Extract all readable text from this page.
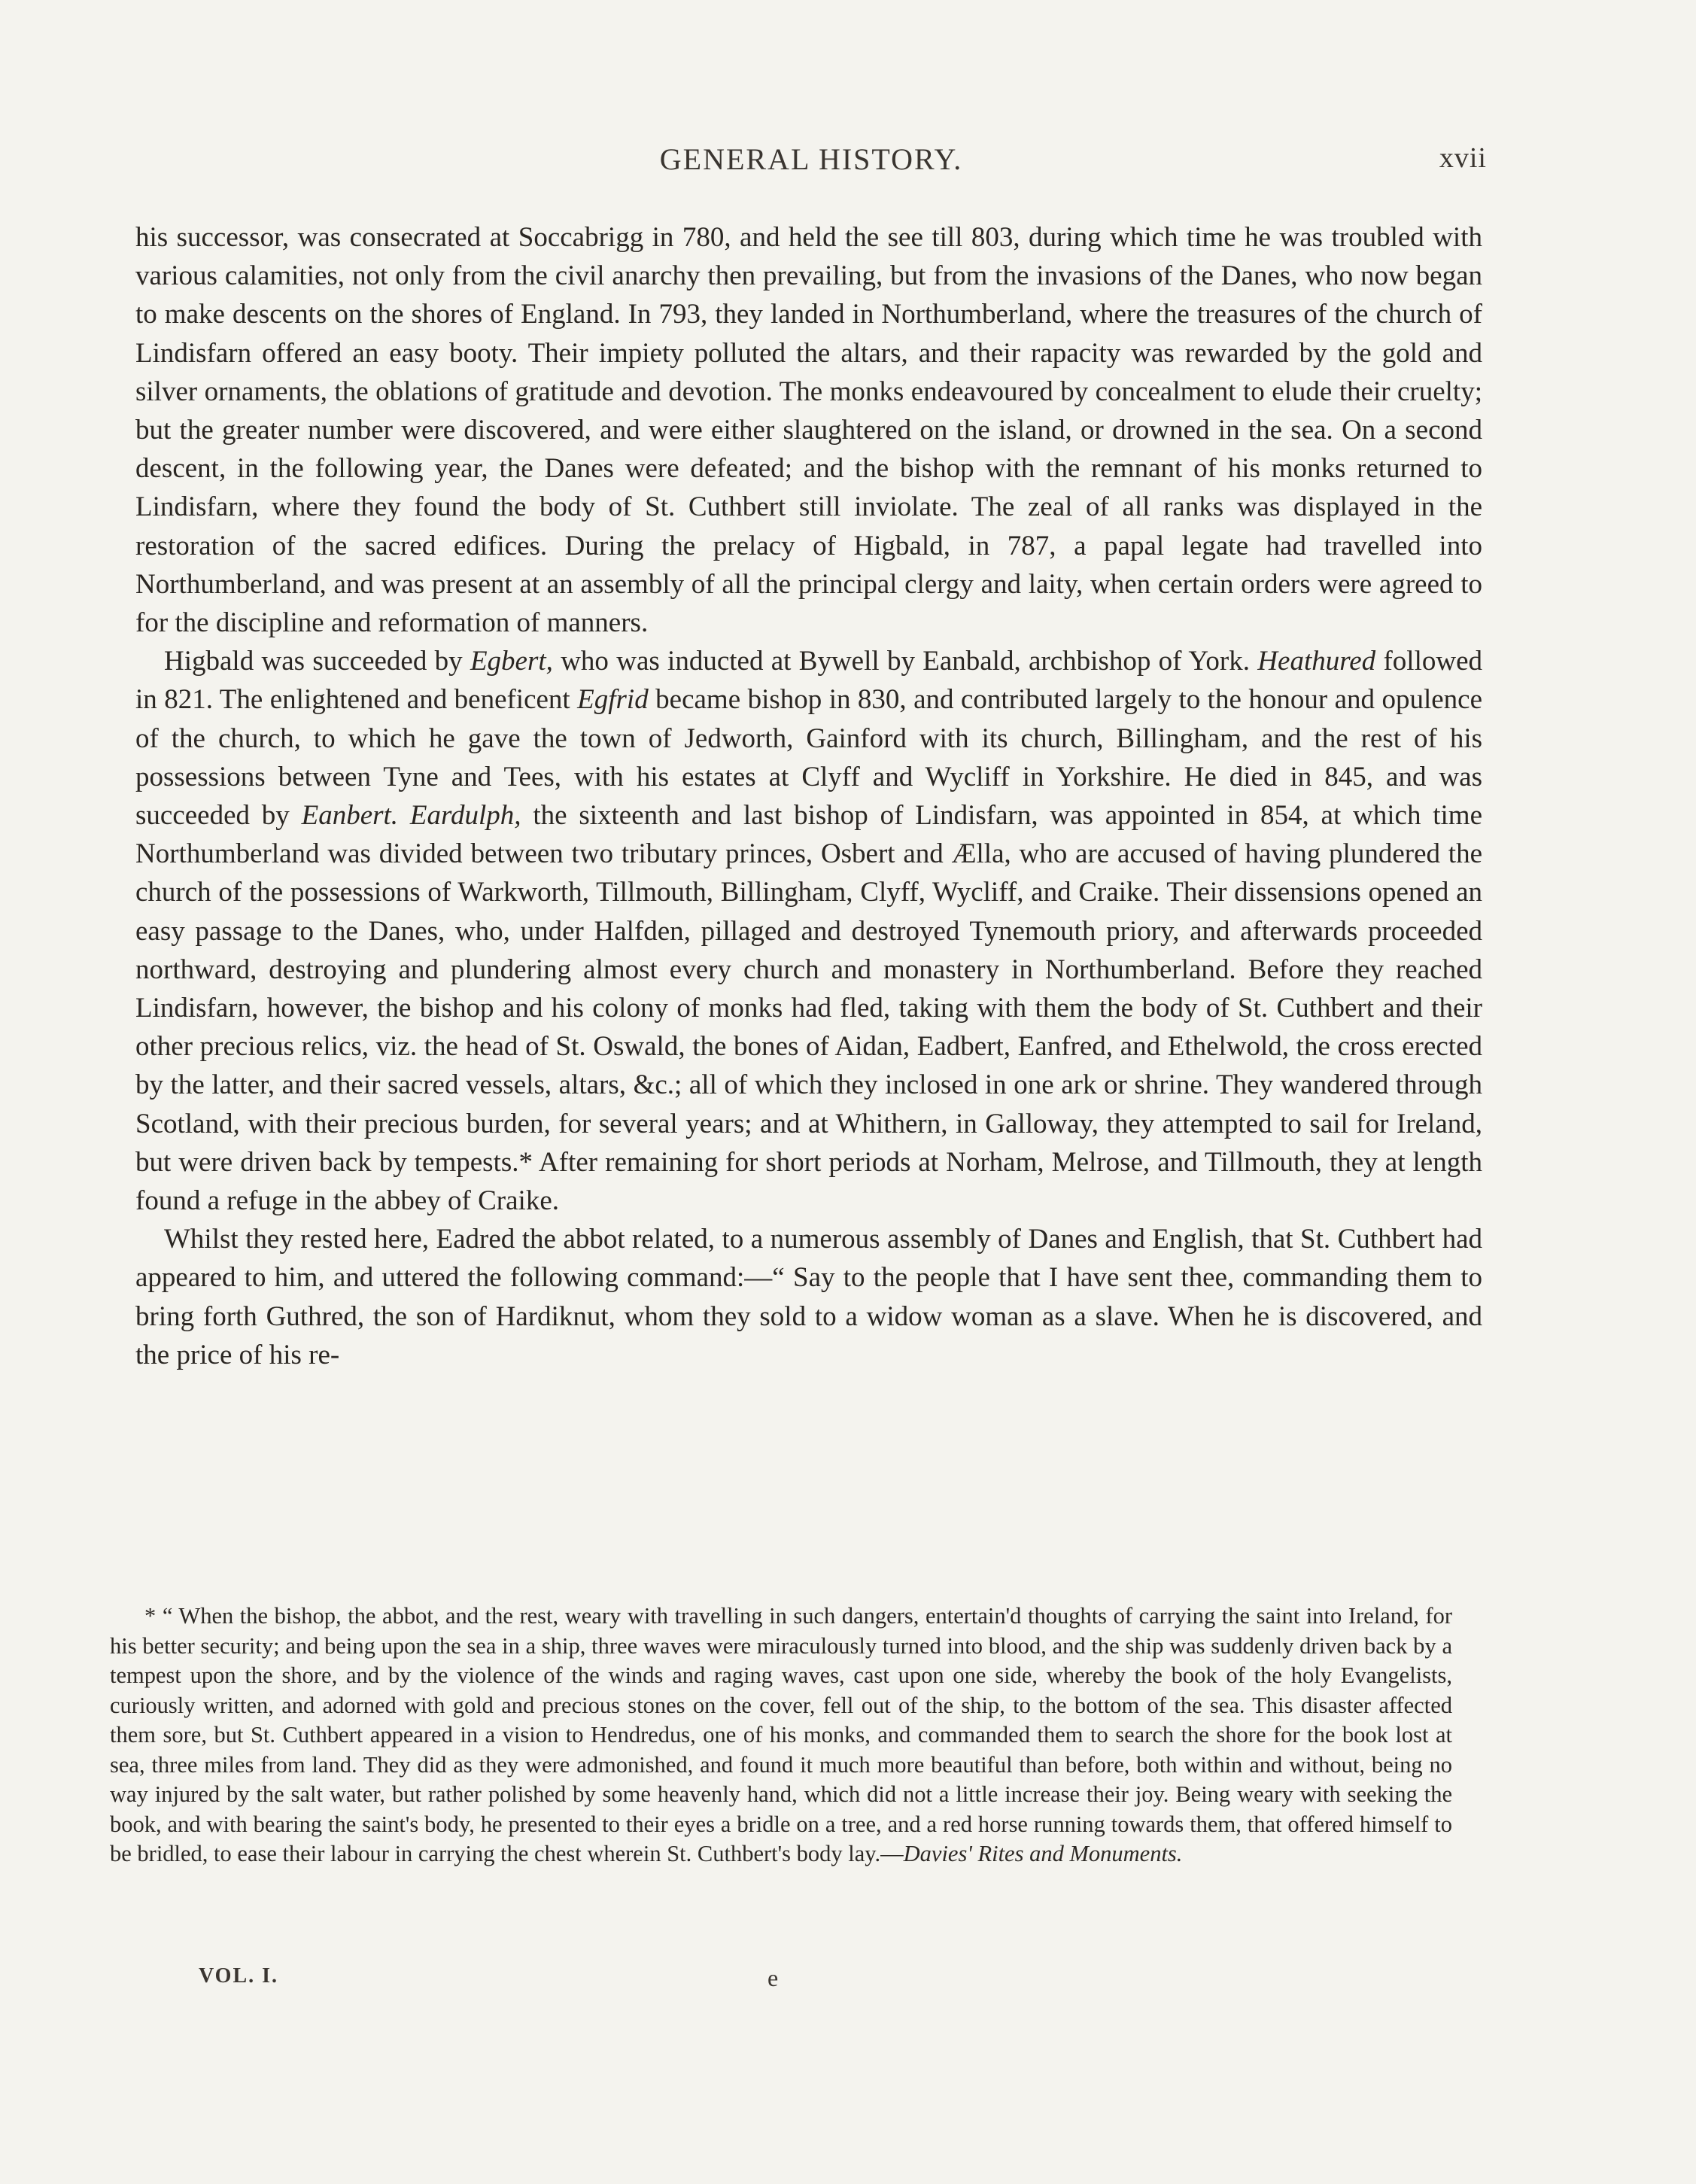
GENERAL HISTORY.	xvii

his successor, was consecrated at Soccabrigg in 780, and held the see till 803, during which time he was troubled with various calamities, not only from the civil anarchy then prevailing, but from the invasions of the Danes, who now began to make descents on the shores of England. In 793, they landed in Northumberland, where the treasures of the church of Lindisfarn offered an easy booty. Their impiety polluted the altars, and their rapacity was rewarded by the gold and silver ornaments, the oblations of gratitude and devotion. The monks endeavoured by concealment to elude their cruelty; but the greater number were discovered, and were either slaughtered on the island, or drowned in the sea. On a second descent, in the following year, the Danes were defeated; and the bishop with the remnant of his monks returned to Lindisfarn, where they found the body of St. Cuthbert still inviolate. The zeal of all ranks was displayed in the restoration of the sacred edifices. During the prelacy of Higbald, in 787, a papal legate had travelled into Northumberland, and was present at an assembly of all the principal clergy and laity, when certain orders were agreed to for the discipline and reformation of manners.

Higbald was succeeded by Egbert, who was inducted at Bywell by Eanbald, archbishop of York. Heathured followed in 821. The enlightened and beneficent Egfrid became bishop in 830, and contributed largely to the honour and opulence of the church, to which he gave the town of Jedworth, Gainford with its church, Billingham, and the rest of his possessions between Tyne and Tees, with his estates at Clyff and Wycliff in Yorkshire. He died in 845, and was succeeded by Eanbert. Eardulph, the sixteenth and last bishop of Lindisfarn, was appointed in 854, at which time Northumberland was divided between two tributary princes, Osbert and Ælla, who are accused of having plundered the church of the possessions of Warkworth, Tillmouth, Billingham, Clyff, Wycliff, and Craike. Their dissensions opened an easy passage to the Danes, who, under Halfden, pillaged and destroyed Tynemouth priory, and afterwards proceeded northward, destroying and plundering almost every church and monastery in Northumberland. Before they reached Lindisfarn, however, the bishop and his colony of monks had fled, taking with them the body of St. Cuthbert and their other precious relics, viz. the head of St. Oswald, the bones of Aidan, Eadbert, Eanfred, and Ethelwold, the cross erected by the latter, and their sacred vessels, altars, &c.; all of which they inclosed in one ark or shrine. They wandered through Scotland, with their precious burden, for several years; and at Whithern, in Galloway, they attempted to sail for Ireland, but were driven back by tempests.* After remaining for short periods at Norham, Melrose, and Tillmouth, they at length found a refuge in the abbey of Craike.

Whilst they rested here, Eadred the abbot related, to a numerous assembly of Danes and English, that St. Cuthbert had appeared to him, and uttered the following command:—“ Say to the people that I have sent thee, commanding them to bring forth Guthred, the son of Hardiknut, whom they sold to a widow woman as a slave. When he is discovered, and the price of his re-

* “ When the bishop, the abbot, and the rest, weary with travelling in such dangers, entertain'd thoughts of carrying the saint into Ireland, for his better security; and being upon the sea in a ship, three waves were miraculously turned into blood, and the ship was suddenly driven back by a tempest upon the shore, and by the violence of the winds and raging waves, cast upon one side, whereby the book of the holy Evangelists, curiously written, and adorned with gold and precious stones on the cover, fell out of the ship, to the bottom of the sea. This disaster affected them sore, but St. Cuthbert appeared in a vision to Hendredus, one of his monks, and commanded them to search the shore for the book lost at sea, three miles from land. They did as they were admonished, and found it much more beautiful than before, both within and without, being no way injured by the salt water, but rather polished by some heavenly hand, which did not a little increase their joy. Being weary with seeking the book, and with bearing the saint's body, he presented to their eyes a bridle on a tree, and a red horse running towards them, that offered himself to be bridled, to ease their labour in carrying the chest wherein St. Cuthbert's body lay.—Davies' Rites and Monuments.
VOL. I.	e
